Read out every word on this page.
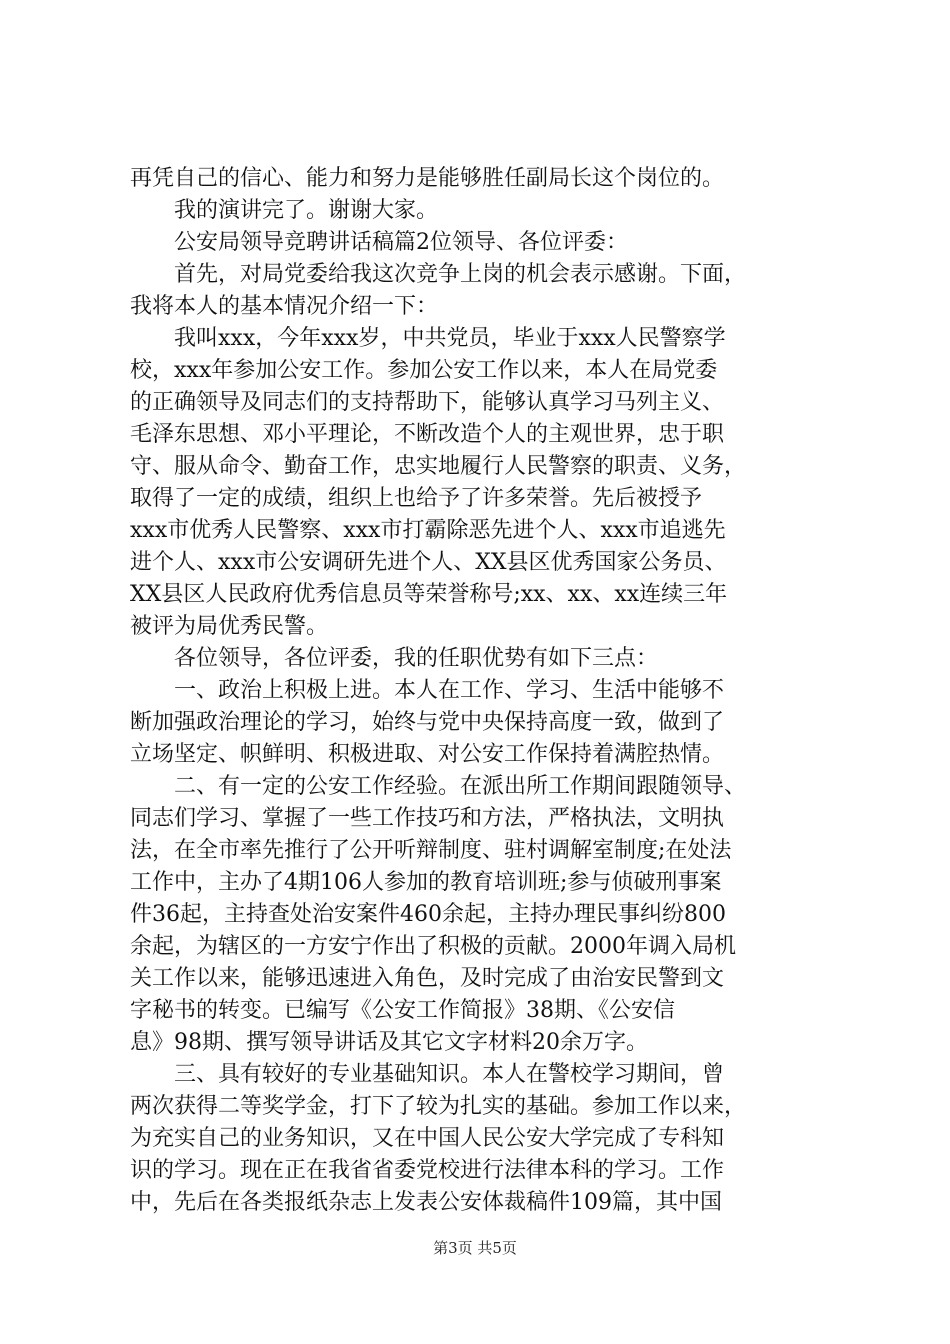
再凭自己的信心、能力和努力是能够胜任副局长这个岗位的。
我的演讲完了。谢谢大家。
公安局领导竞聘讲话稿篇2位领导、各位评委：
首先，对局党委给我这次竞争上岗的机会表示感谢。下面，
我将本人的基本情况介绍一下：
我叫xxx，今年xxx岁，中共党员，毕业于xxx人民警察学
校，xxx年参加公安工作。参加公安工作以来，本人在局党委
的正确领导及同志们的支持帮助下，能够认真学习马列主义、
毛泽东思想、邓小平理论，不断改造个人的主观世界，忠于职
守、服从命令、勤奋工作，忠实地履行人民警察的职责、义务，
取得了一定的成绩，组织上也给予了许多荣誉。先后被授予
xxx市优秀人民警察、xxx市打霸除恶先进个人、xxx市追逃先
进个人、xxx市公安调研先进个人、XX县区优秀国家公务员、
XX县区人民政府优秀信息员等荣誉称号;xx、xx、xx连续三年
被评为局优秀民警。
各位领导，各位评委，我的任职优势有如下三点：
一、政治上积极上进。本人在工作、学习、生活中能够不
断加强政治理论的学习，始终与党中央保持高度一致，做到了
立场坚定、帜鲜明、积极进取、对公安工作保持着满腔热情。
二、有一定的公安工作经验。在派出所工作期间跟随领导、
同志们学习、掌握了一些工作技巧和方法，严格执法，文明执
法，在全市率先推行了公开听辩制度、驻村调解室制度;在处法
工作中，主办了4期106人参加的教育培训班;参与侦破刑事案
件36起，主持查处治安案件460余起，主持办理民事纠纷800
余起，为辖区的一方安宁作出了积极的贡献。2000年调入局机
关工作以来，能够迅速进入角色，及时完成了由治安民警到文
字秘书的转变。已编写《公安工作简报》38期、《公安信
息》98期、撰写领导讲话及其它文字材料20余万字。
三、具有较好的专业基础知识。本人在警校学习期间，曾
两次获得二等奖学金，打下了较为扎实的基础。参加工作以来，
为充实自己的业务知识，又在中国人民公安大学完成了专科知
识的学习。现在正在我省省委党校进行法律本科的学习。工作
中，先后在各类报纸杂志上发表公安体裁稿件109篇，其中国
第3页 共5页
